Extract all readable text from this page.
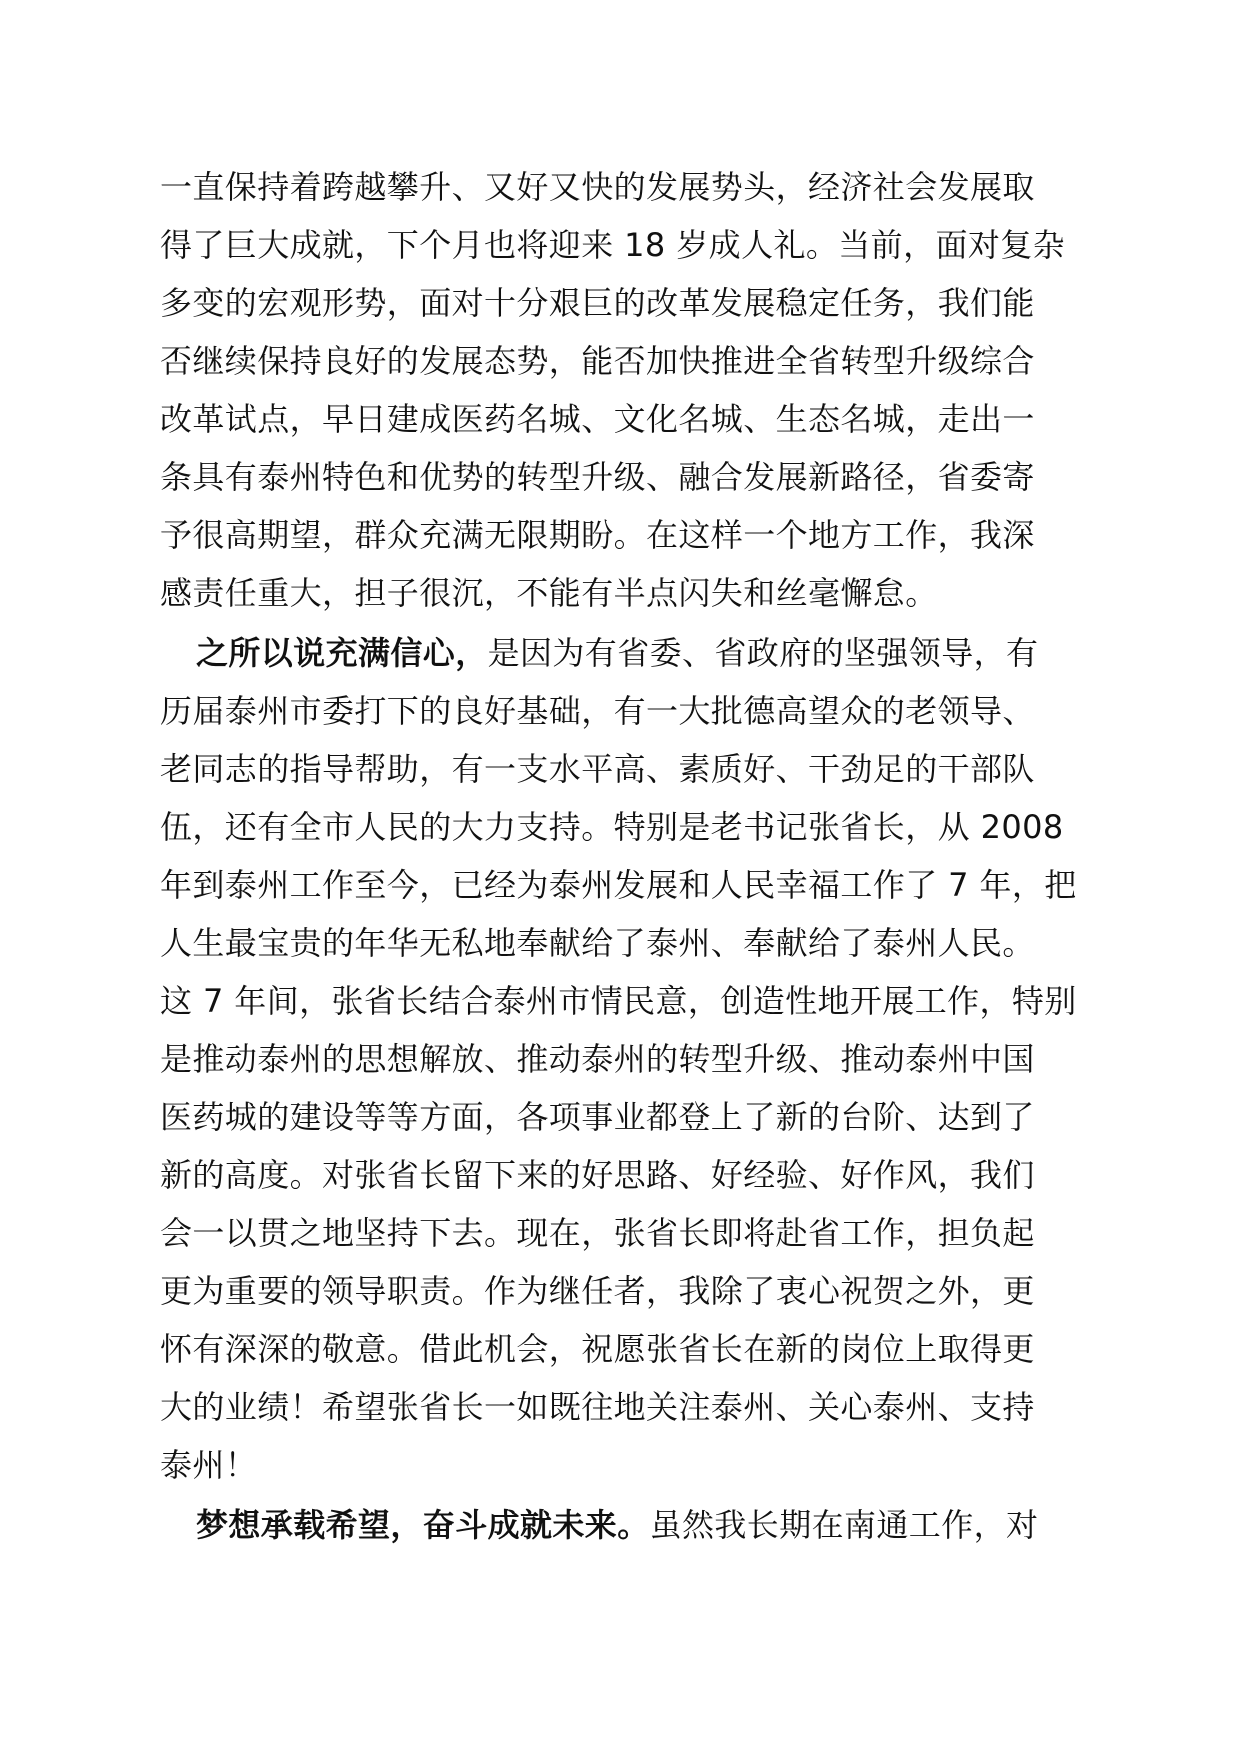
一直保持着跨越攀升、又好又快的发展势头，经济社会发展取
得了巨大成就，下个月也将迎来 18 岁成人礼。当前，面对复杂
多变的宏观形势，面对十分艰巨的改革发展稳定任务，我们能
否继续保持良好的发展态势，能否加快推进全省转型升级综合
改革试点，早日建成医药名城、文化名城、生态名城，走出一
条具有泰州特色和优势的转型升级、融合发展新路径，省委寄
予很高期望，群众充满无限期盼。在这样一个地方工作，我深
感责任重大，担子很沉，不能有半点闪失和丝毫懈怠。
之所以说充满信心，是因为有省委、省政府的坚强领导，有
历届泰州市委打下的良好基础，有一大批德高望众的老领导、
老同志的指导帮助，有一支水平高、素质好、干劲足的干部队
伍，还有全市人民的大力支持。特别是老书记张省长，从 2008
年到泰州工作至今，已经为泰州发展和人民幸福工作了 7 年，把
人生最宝贵的年华无私地奉献给了泰州、奉献给了泰州人民。
这 7 年间，张省长结合泰州市情民意，创造性地开展工作，特别
是推动泰州的思想解放、推动泰州的转型升级、推动泰州中国
医药城的建设等等方面，各项事业都登上了新的台阶、达到了
新的高度。对张省长留下来的好思路、好经验、好作风，我们
会一以贯之地坚持下去。现在，张省长即将赴省工作，担负起
更为重要的领导职责。作为继任者，我除了衷心祝贺之外，更
怀有深深的敬意。借此机会，祝愿张省长在新的岗位上取得更
大的业绩！希望张省长一如既往地关注泰州、关心泰州、支持
泰州！
梦想承载希望，奋斗成就未来。虽然我长期在南通工作，对
